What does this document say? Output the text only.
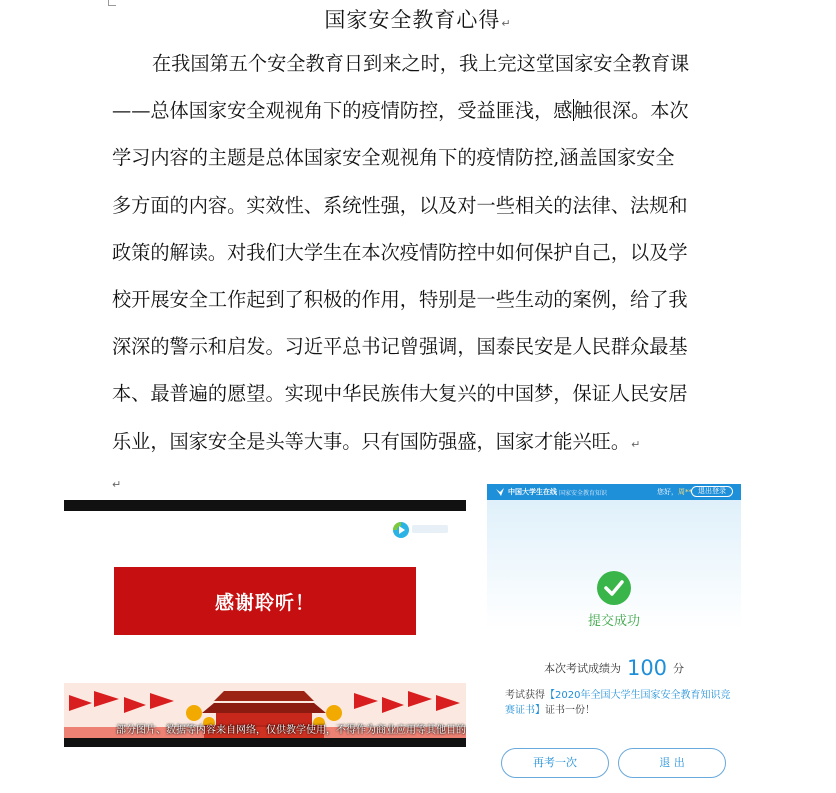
国家安全教育心得↵
在我国第五个安全教育日到来之时，我上完这堂国家安全教育课
——总体国家安全观视角下的疫情防控，受益匪浅，感触很深。本次
学习内容的主题是总体国家安全观视角下的疫情防控,涵盖国家安全
多方面的内容。实效性、系统性强，以及对一些相关的法律、法规和
政策的解读。对我们大学生在本次疫情防控中如何保护自己，以及学
校开展安全工作起到了积极的作用，特别是一些生动的案例，给了我
深深的警示和启发。习近平总书记曾强调，国泰民安是人民群众最基
本、最普遍的愿望。实现中华民族伟大复兴的中国梦，保证人民安居
乐业，国家安全是头等大事。只有国防强盛，国家才能兴旺。↵
↵
感谢聆听！
部分图片、数据等内容来自网络，仅供教学使用，不得作为商业应用等其他目的
中国大学生在线 国家安全教育知识	您好，周** 退出登录
提交成功
本次考试成绩为 100 分
考试获得【2020年全国大学生国家安全教育知识竞赛证书】证书一份！
再考一次	退 出
